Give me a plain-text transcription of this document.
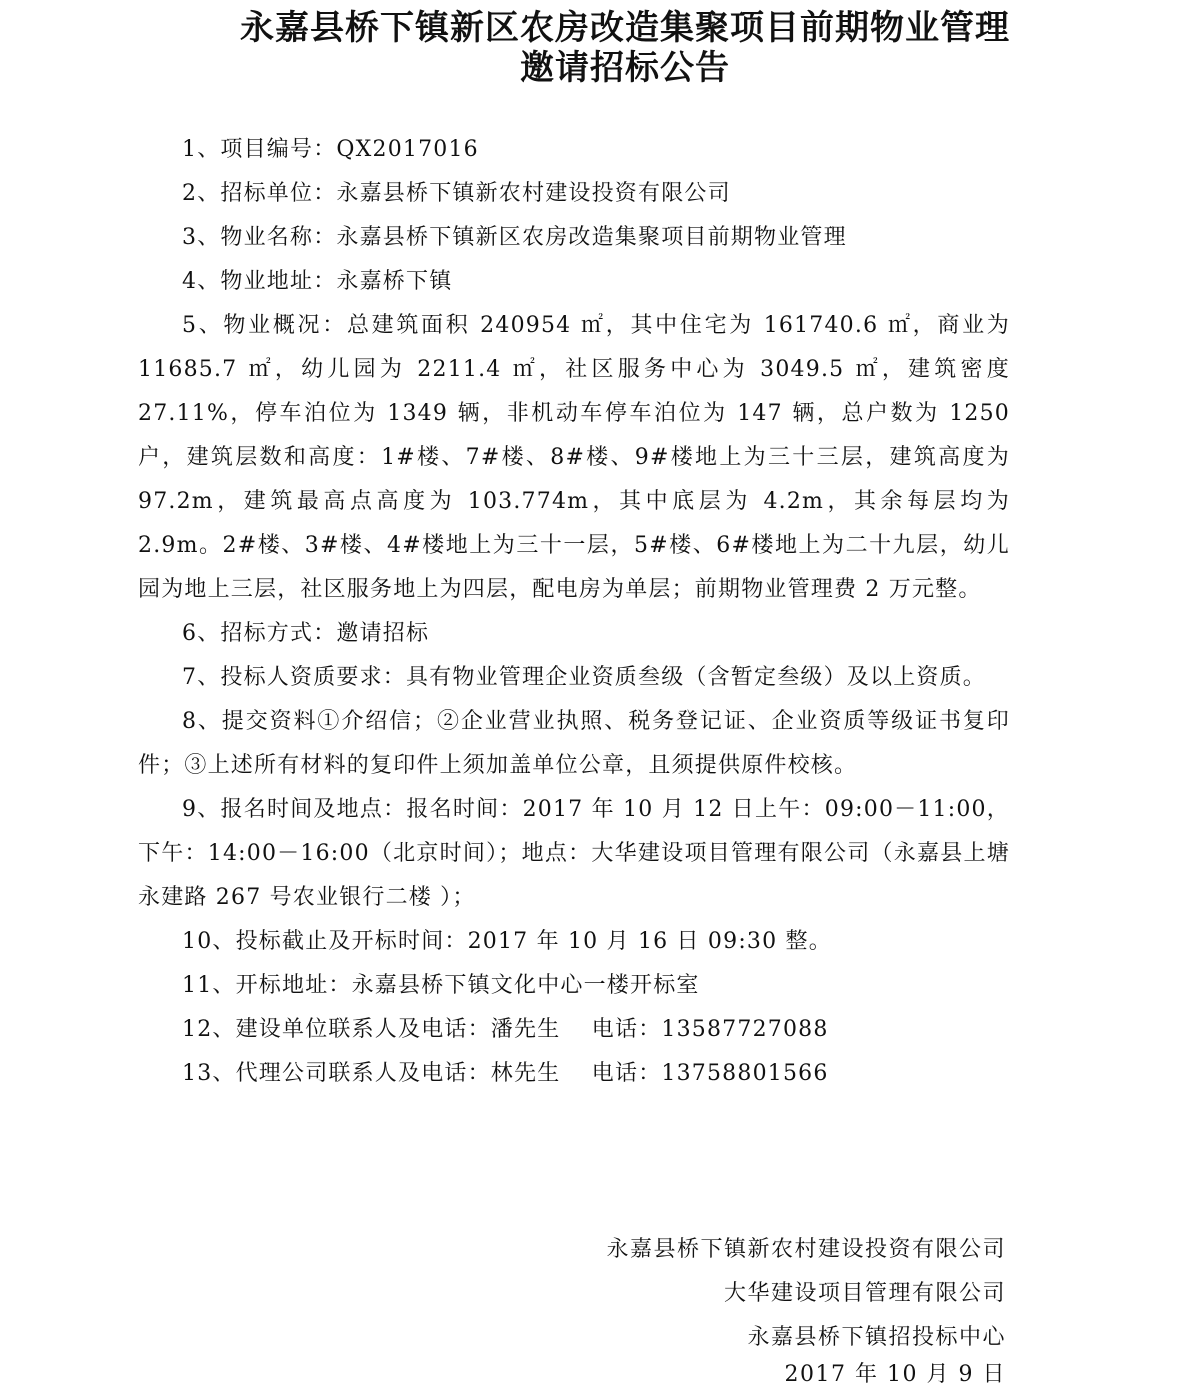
永嘉县桥下镇新区农房改造集聚项目前期物业管理
邀请招标公告

1、项目编号：QX2017016

2、招标单位：永嘉县桥下镇新农村建设投资有限公司

3、物业名称：永嘉县桥下镇新区农房改造集聚项目前期物业管理

4、物业地址：永嘉桥下镇

5、物业概况：总建筑面积 240954 ㎡，其中住宅为 161740.6 ㎡，商业为 11685.7 ㎡，幼儿园为 2211.4 ㎡，社区服务中心为 3049.5 ㎡，建筑密度 27.11%，停车泊位为 1349 辆，非机动车停车泊位为 147 辆，总户数为 1250 户，建筑层数和高度：1#楼、7#楼、8#楼、9#楼地上为三十三层，建筑高度为 97.2m，建筑最高点高度为 103.774m，其中底层为 4.2m，其余每层均为 2.9m。2#楼、3#楼、4#楼地上为三十一层，5#楼、6#楼地上为二十九层，幼儿园为地上三层，社区服务地上为四层，配电房为单层；前期物业管理费 2 万元整。

6、招标方式：邀请招标

7、投标人资质要求：具有物业管理企业资质叁级（含暂定叁级）及以上资质。

8、提交资料①介绍信；②企业营业执照、税务登记证、企业资质等级证书复印件；③上述所有材料的复印件上须加盖单位公章，且须提供原件校核。

9、报名时间及地点：报名时间：2017 年 10 月 12 日上午：09:00－11:00，下午：14:00－16:00（北京时间）；地点：大华建设项目管理有限公司（永嘉县上塘永建路 267 号农业银行二楼 ）；

10、投标截止及开标时间：2017 年 10 月 16 日 09:30 整。

11、开标地址：永嘉县桥下镇文化中心一楼开标室

12、建设单位联系人及电话：潘先生　 电话：13587727088

13、代理公司联系人及电话：林先生　 电话：13758801566

永嘉县桥下镇新农村建设投资有限公司
大华建设项目管理有限公司
永嘉县桥下镇招投标中心
2017 年 10 月 9 日
